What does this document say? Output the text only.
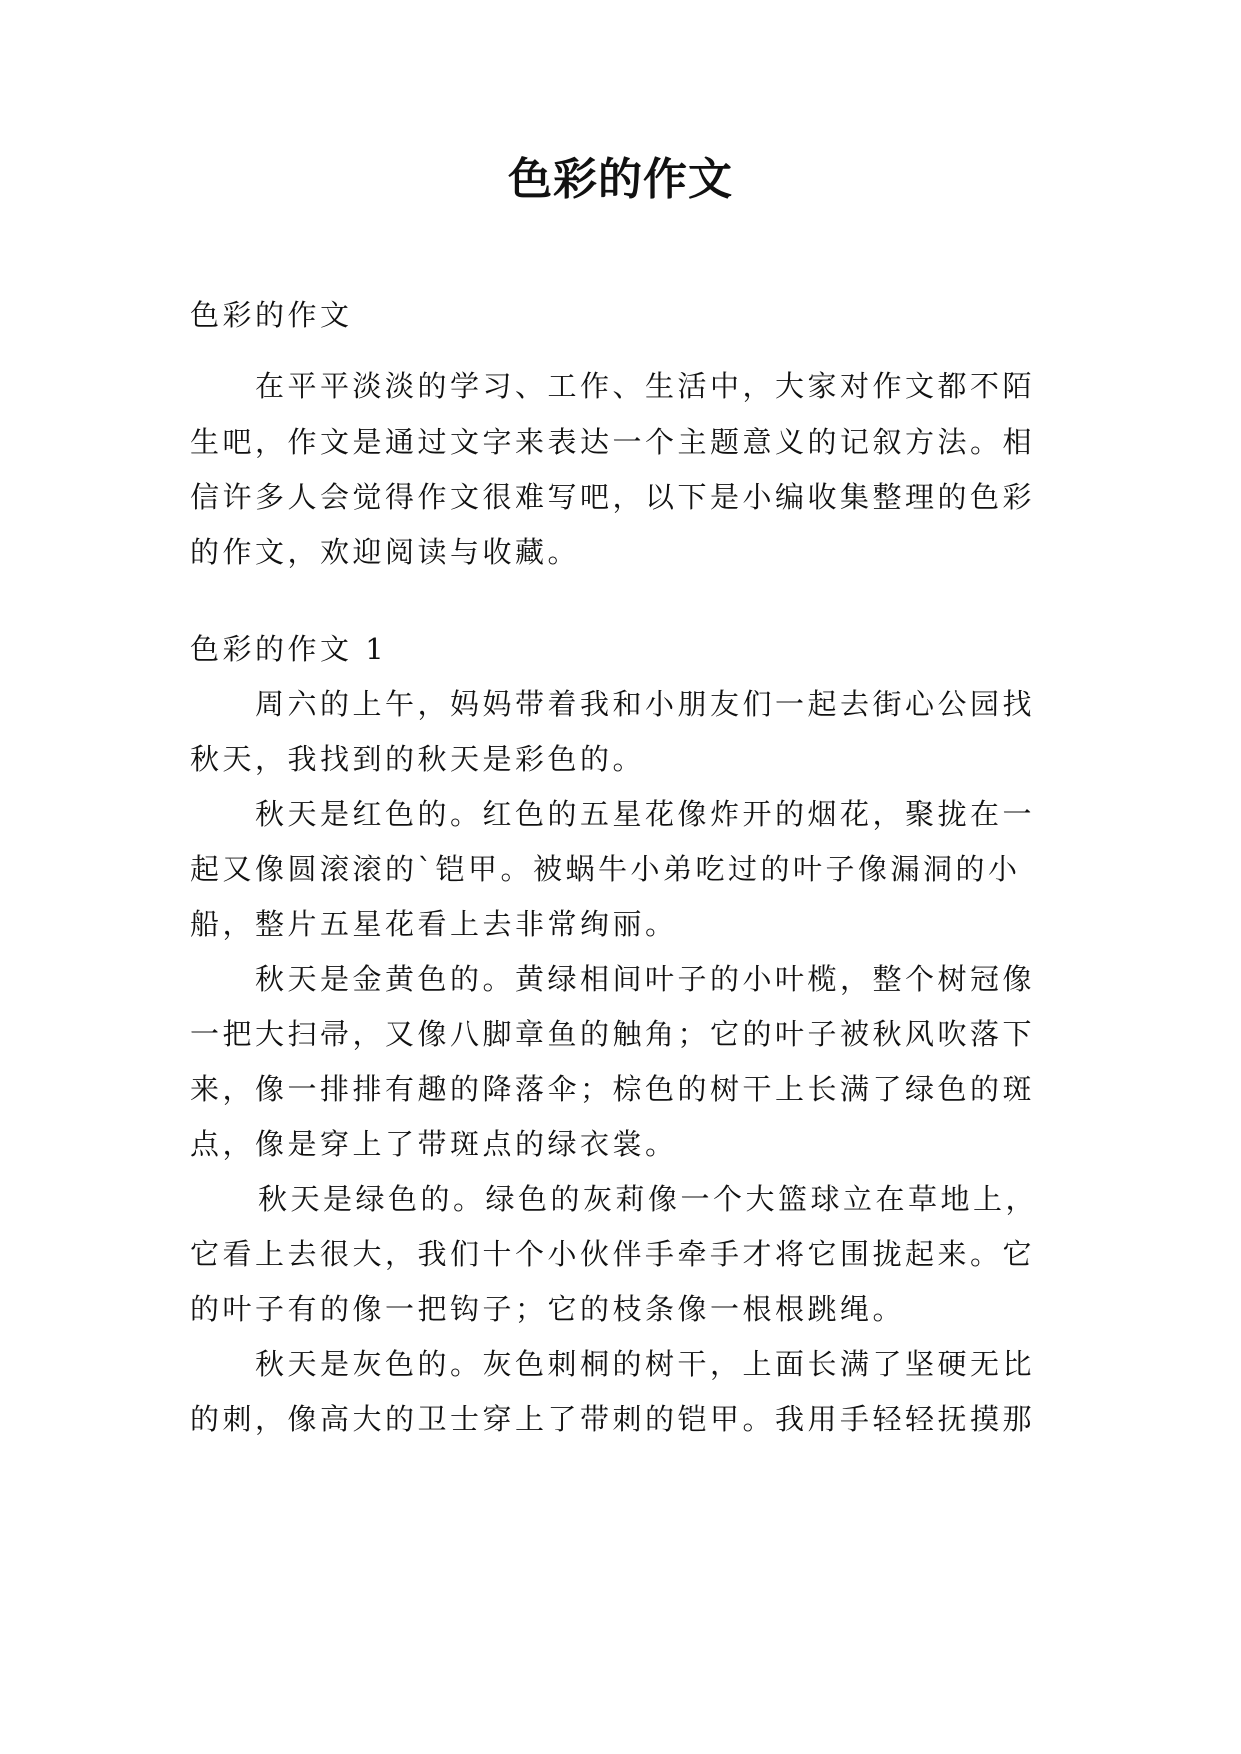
色彩的作文
色彩的作文
在平平淡淡的学习、工作、生活中，大家对作文都不陌
生吧，作文是通过文字来表达一个主题意义的记叙方法。相
信许多人会觉得作文很难写吧，以下是小编收集整理的色彩
的作文，欢迎阅读与收藏。
色彩的作文 1
周六的上午，妈妈带着我和小朋友们一起去街心公园找
秋天，我找到的秋天是彩色的。
秋天是红色的。红色的五星花像炸开的烟花，聚拢在一
起又像圆滚滚的`铠甲。被蜗牛小弟吃过的叶子像漏洞的小
船，整片五星花看上去非常绚丽。
秋天是金黄色的。黄绿相间叶子的小叶榄，整个树冠像
一把大扫帚，又像八脚章鱼的触角；它的叶子被秋风吹落下
来，像一排排有趣的降落伞；棕色的树干上长满了绿色的斑
点，像是穿上了带斑点的绿衣裳。
秋天是绿色的。绿色的灰莉像一个大篮球立在草地上，
它看上去很大，我们十个小伙伴手牵手才将它围拢起来。它
的叶子有的像一把钩子；它的枝条像一根根跳绳。
秋天是灰色的。灰色刺桐的树干，上面长满了坚硬无比
的刺，像高大的卫士穿上了带刺的铠甲。我用手轻轻抚摸那
